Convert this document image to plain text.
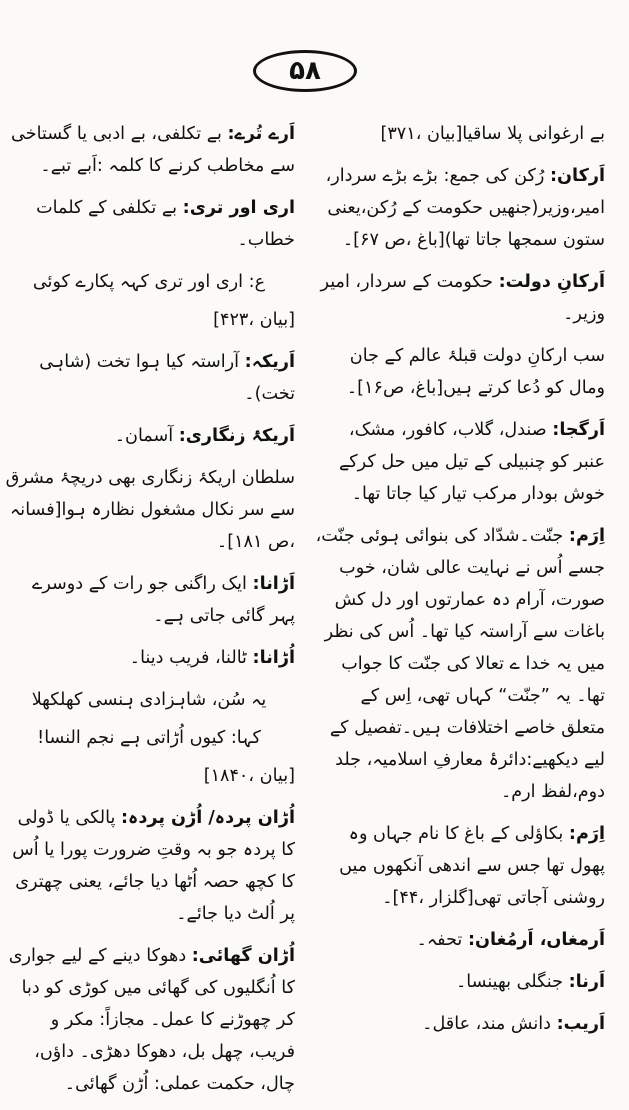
۵۸
بے ارغوانی پلا ساقیا[بیان ،۳۷۱]
اَرکان: رُکن کی جمع: بڑے بڑے سردار، امیر،وزیر(جنھیں حکومت کے رُکن،یعنی ستون سمجھا جاتا تھا)[باغ ،ص ۶۷]۔
اَرکانِ دولت: حکومت کے سردار، امیر وزیر۔
سب ارکانِ دولت قبلۂ عالم کے جان ومال کو دُعا کرتے ہیں[باغ، ص۱۶]۔
اَرگجا: صندل، گلاب، کافور، مشک، عنبر کو چنبیلی کے تیل میں حل کرکے خوش بودار مرکب تیار کیا جاتا تھا۔
اِرَم: جنّت۔شدّاد کی بنوائی ہوئی جنّت، جسے اُس نے نہایت عالی شان، خوب صورت، آرام دہ عمارتوں اور دل کش باغات سے آراستہ کیا تھا۔ اُس کی نظر میں یہ خدا ے تعالا کی جنّت کا جواب تھا۔ یہ ”جنّت“ کہاں تھی، اِس کے متعلق خاصے اختلافات ہیں۔تفصیل کے لیے دیکھیے:دائرۂ معارفِ اسلامیہ، جلد دوم،لفظ ارم۔
اِرَم: بکاؤلی کے باغ کا نام جہاں وہ پھول تھا جس سے اندھی آنکھوں میں روشنی آجاتی تھی[گلزار ،۴۴]۔
اَرمغاں، اَرمُغان: تحفہ۔
اَرنا: جنگلی بھینسا۔
اَریب: دانش مند، عاقل۔
اَرے تُرے: بے تکلفی، بے ادبی یا گستاخی سے مخاطب کرنے کا کلمہ :اَبے تبے۔
اری اور تری: بے تکلفی کے کلمات خطاب۔
ع: اری اور تری کہہ پکارے کوئی
[بیان ،۴۲۳]
اَریکہ: آراستہ کیا ہوا تخت (شاہی تخت)۔
اَریکۂ زنگاری: آسمان۔
سلطان اریکۂ زنگاری بھی دریچۂ مشرق سے سر نکال مشغول نظارہ ہوا[فسانہ ،ص ۱۸۱]۔
اَڑانا: ایک راگنی جو رات کے دوسرے پہر گائی جاتی ہے۔
اُڑانا: ٹالنا، فریب دینا۔
یہ سُن، شاہزادی ہنسی کھلکھلا
کہا: کیوں اُڑاتی ہے نجم النسا!
[بیان ،۱۸۴۰]
اُڑان پردہ/ اُڑن پردہ: پالکی یا ڈولی کا پردہ جو بہ وقتِ ضرورت پورا یا اُس کا کچھ حصہ اُٹھا دیا جائے، یعنی چھتری پر اُلٹ دیا جائے۔
اُڑان گھائی: دھوکا دینے کے لیے جواری کا اُنگلیوں کی گھائی میں کوڑی کو دبا کر چھوڑنے کا عمل۔ مجازاً: مکر و فریب، چھل بل، دھوکا دھڑی۔ داؤں، چال، حکمت عملی: اُڑن گھائی۔
